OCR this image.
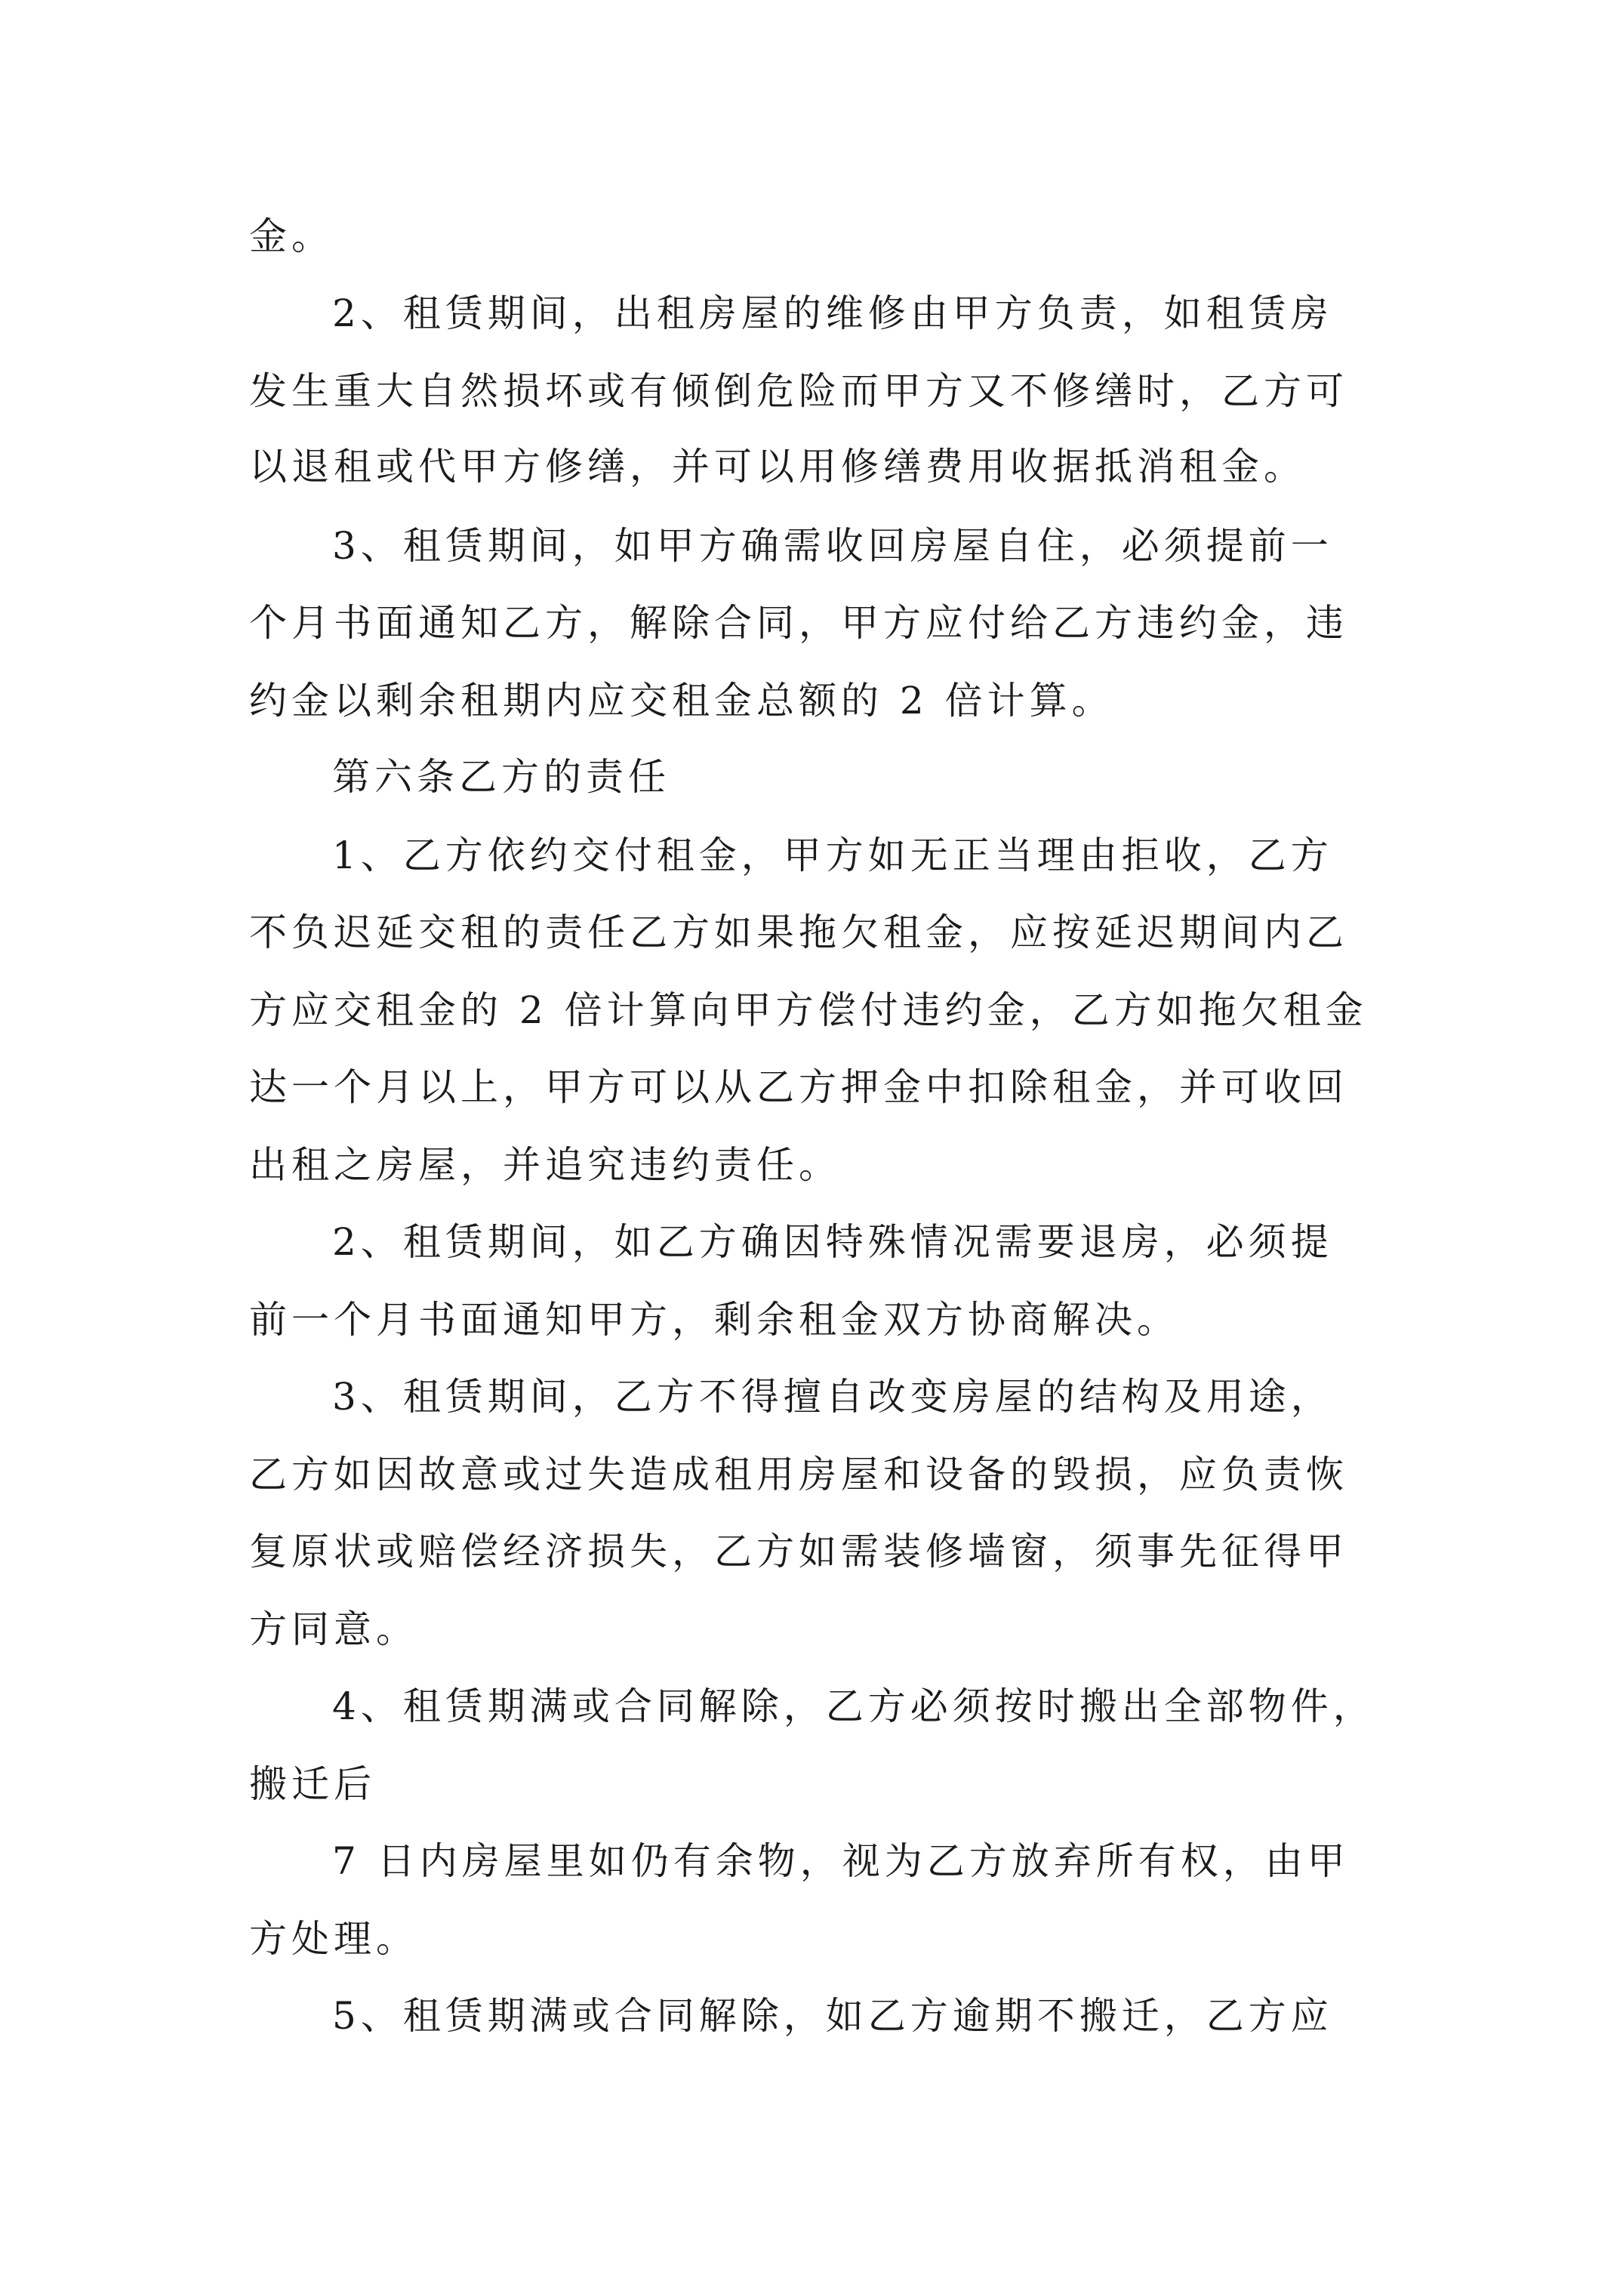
金。
2、租赁期间，出租房屋的维修由甲方负责，如租赁房
发生重大自然损坏或有倾倒危险而甲方又不修缮时，乙方可
以退租或代甲方修缮，并可以用修缮费用收据抵消租金。
3、租赁期间，如甲方确需收回房屋自住，必须提前一
个月书面通知乙方，解除合同，甲方应付给乙方违约金，违
约金以剩余租期内应交租金总额的 2 倍计算。
第六条乙方的责任
1、乙方依约交付租金，甲方如无正当理由拒收，乙方
不负迟延交租的责任乙方如果拖欠租金，应按延迟期间内乙
方应交租金的 2 倍计算向甲方偿付违约金，乙方如拖欠租金
达一个月以上，甲方可以从乙方押金中扣除租金，并可收回
出租之房屋，并追究违约责任。
2、租赁期间，如乙方确因特殊情况需要退房，必须提
前一个月书面通知甲方，剩余租金双方协商解决。
3、租赁期间，乙方不得擅自改变房屋的结构及用途，
乙方如因故意或过失造成租用房屋和设备的毁损，应负责恢
复原状或赔偿经济损失，乙方如需装修墙窗，须事先征得甲
方同意。
4、租赁期满或合同解除，乙方必须按时搬出全部物件，
搬迁后
7 日内房屋里如仍有余物，视为乙方放弃所有权，由甲
方处理。
5、租赁期满或合同解除，如乙方逾期不搬迁，乙方应
